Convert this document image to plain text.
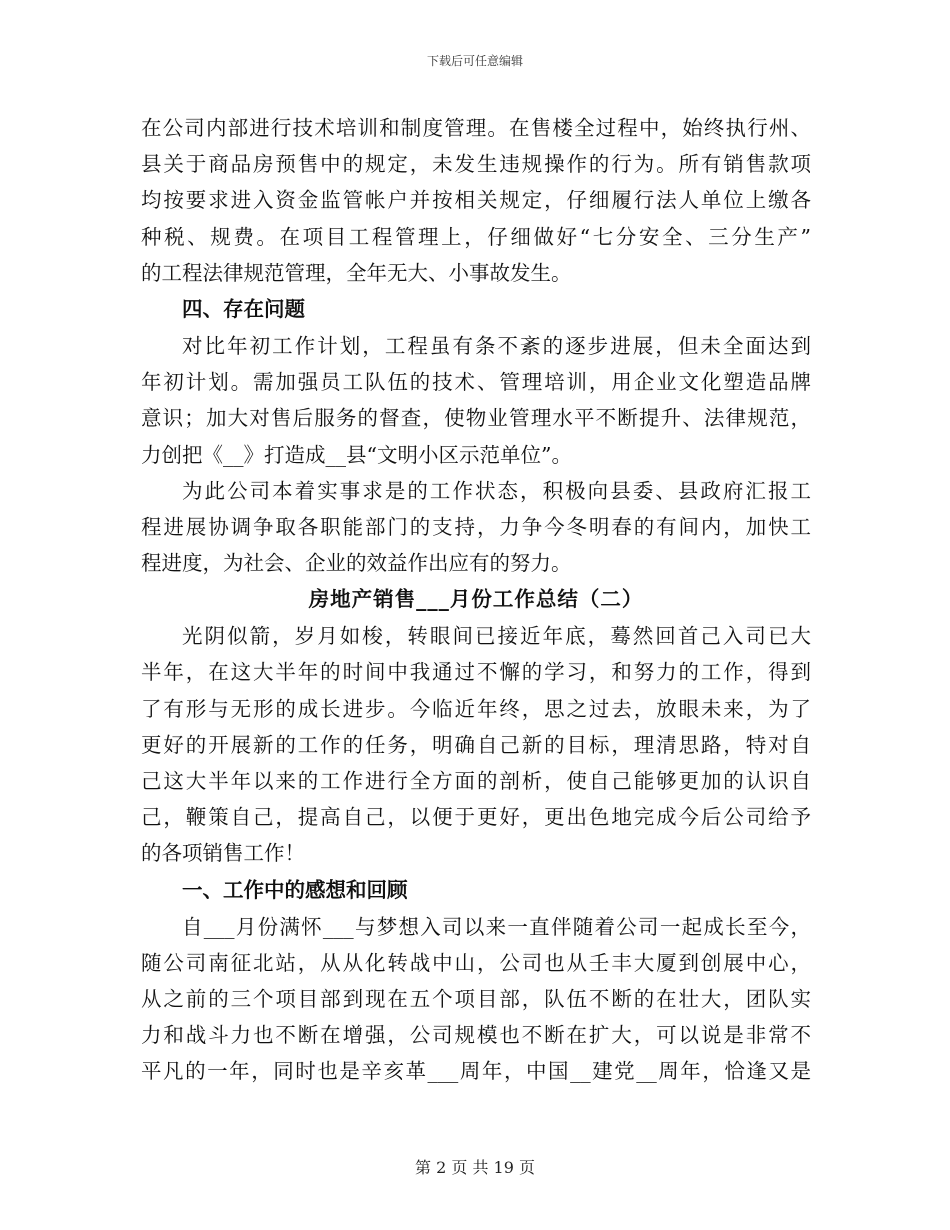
下载后可任意编辑
在公司内部进行技术培训和制度管理。在售楼全过程中，始终执行州、
县关于商品房预售中的规定，未发生违规操作的行为。所有销售款项
均按要求进入资金监管帐户并按相关规定，仔细履行法人单位上缴各
种税、规费。在项目工程管理上，仔细做好“七分安全、三分生产”
的工程法律规范管理，全年无大、小事故发生。
四、存在问题
对比年初工作计划，工程虽有条不紊的逐步进展，但未全面达到
年初计划。需加强员工队伍的技术、管理培训，用企业文化塑造品牌
意识；加大对售后服务的督查，使物业管理水平不断提升、法律规范，
力创把《__》打造成__县“文明小区示范单位”。
为此公司本着实事求是的工作状态，积极向县委、县政府汇报工
程进展协调争取各职能部门的支持，力争今冬明春的有间内，加快工
程进度，为社会、企业的效益作出应有的努力。
房地产销售___月份工作总结（二）
光阴似箭，岁月如梭，转眼间已接近年底，蓦然回首己入司已大
半年，在这大半年的时间中我通过不懈的学习，和努力的工作，得到
了有形与无形的成长进步。今临近年终，思之过去，放眼未来，为了
更好的开展新的工作的任务，明确自己新的目标，理清思路，特对自
己这大半年以来的工作进行全方面的剖析，使自己能够更加的认识自
己，鞭策自己，提高自己，以便于更好，更出色地完成今后公司给予
的各项销售工作！
一、工作中的感想和回顾
自___月份满怀___与梦想入司以来一直伴随着公司一起成长至今，
随公司南征北站，从从化转战中山，公司也从壬丰大厦到创展中心，
从之前的三个项目部到现在五个项目部，队伍不断的在壮大，团队实
力和战斗力也不断在增强，公司规模也不断在扩大，可以说是非常不
平凡的一年，同时也是辛亥革___周年，中国__建党__周年，恰逢又是
第 2 页 共 19 页
